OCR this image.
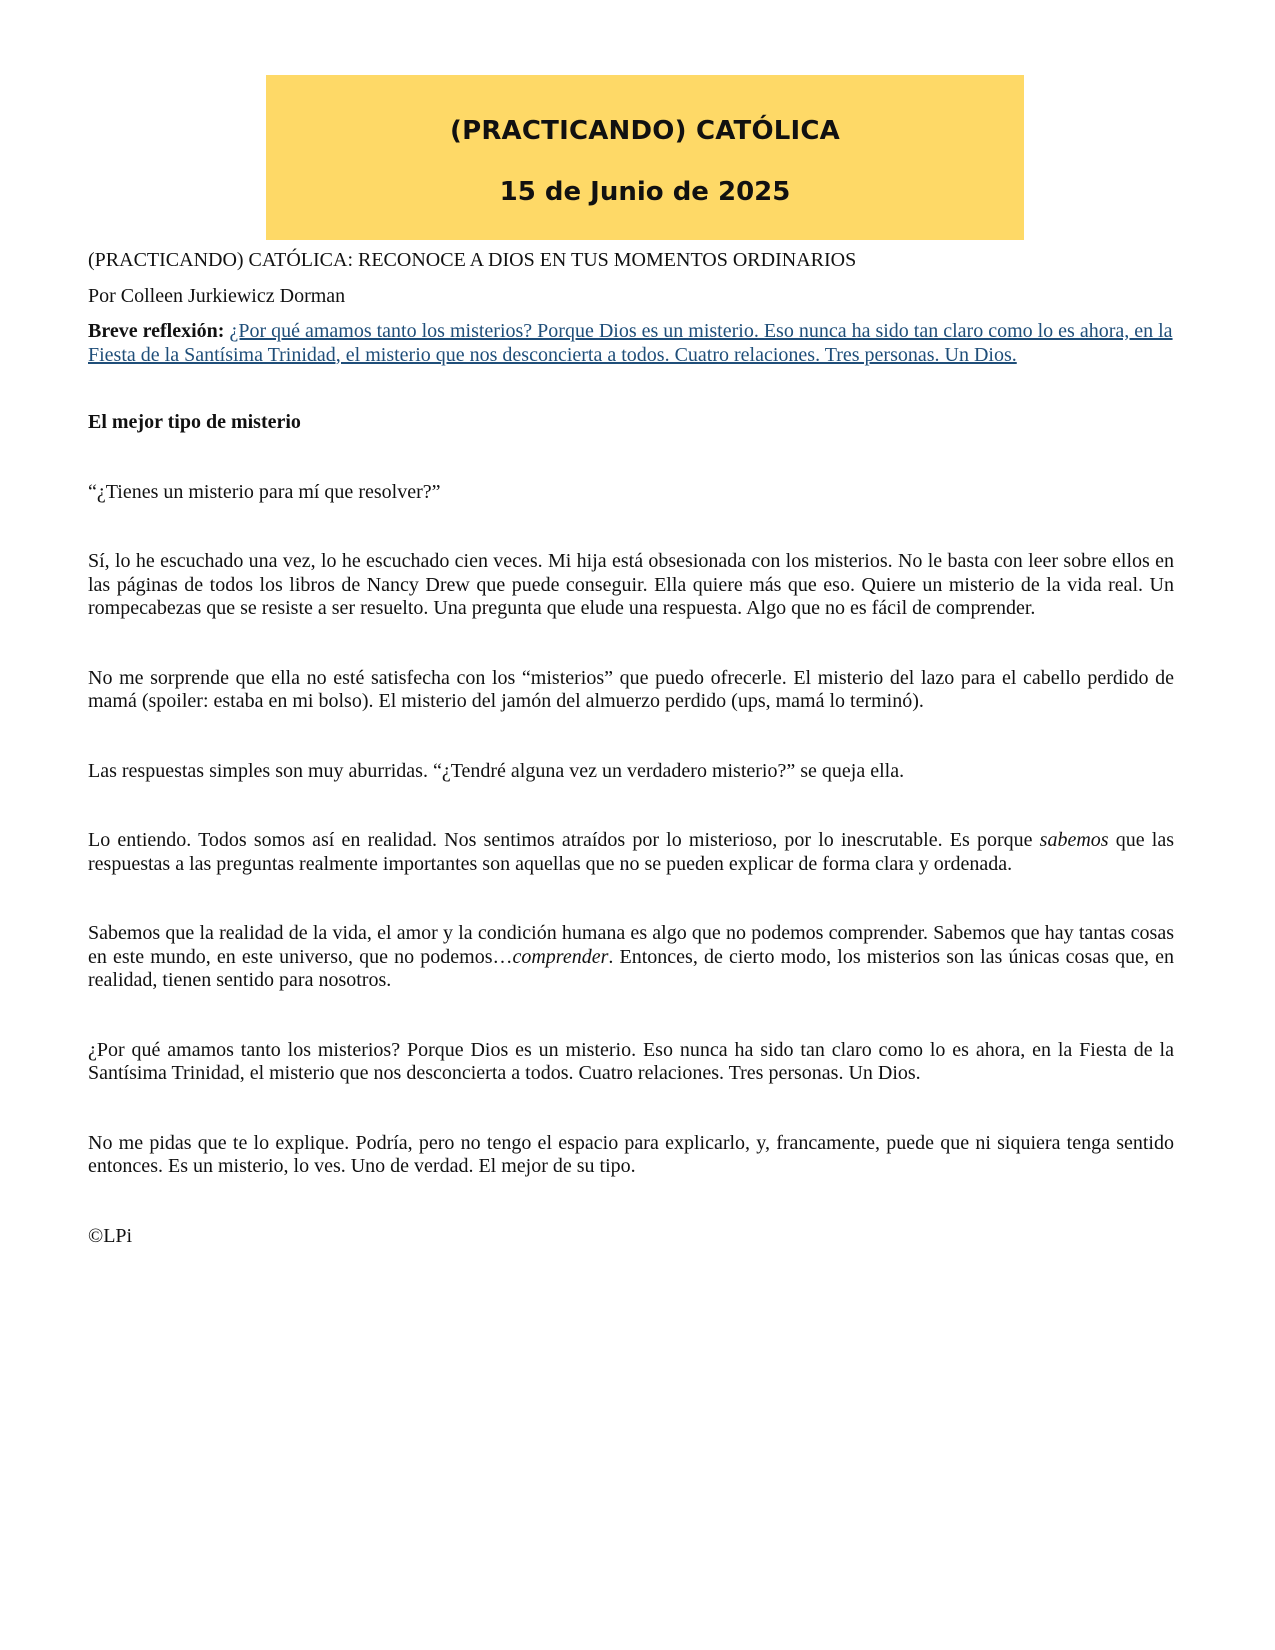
(PRACTICANDO) CATÓLICA
15 de Junio de 2025

(PRACTICANDO) CATÓLICA: RECONOCE A DIOS EN TUS MOMENTOS ORDINARIOS

Por Colleen Jurkiewicz Dorman

Breve reflexión: ¿Por qué amamos tanto los misterios? Porque Dios es un misterio. Eso nunca ha sido tan claro como lo es ahora, en la Fiesta de la Santísima Trinidad, el misterio que nos desconcierta a todos. Cuatro relaciones. Tres personas. Un Dios.

El mejor tipo de misterio

“¿Tienes un misterio para mí que resolver?”

Sí, lo he escuchado una vez, lo he escuchado cien veces. Mi hija está obsesionada con los misterios. No le basta con leer sobre ellos en las páginas de todos los libros de Nancy Drew que puede conseguir. Ella quiere más que eso. Quiere un misterio de la vida real. Un rompecabezas que se resiste a ser resuelto. Una pregunta que elude una respuesta. Algo que no es fácil de comprender.

No me sorprende que ella no esté satisfecha con los “misterios” que puedo ofrecerle. El misterio del lazo para el cabello perdido de mamá (spoiler: estaba en mi bolso). El misterio del jamón del almuerzo perdido (ups, mamá lo terminó).

Las respuestas simples son muy aburridas. “¿Tendré alguna vez un verdadero misterio?” se queja ella.

Lo entiendo. Todos somos así en realidad. Nos sentimos atraídos por lo misterioso, por lo inescrutable. Es porque sabemos que las respuestas a las preguntas realmente importantes son aquellas que no se pueden explicar de forma clara y ordenada.

Sabemos que la realidad de la vida, el amor y la condición humana es algo que no podemos comprender. Sabemos que hay tantas cosas en este mundo, en este universo, que no podemos…comprender. Entonces, de cierto modo, los misterios son las únicas cosas que, en realidad, tienen sentido para nosotros.

¿Por qué amamos tanto los misterios? Porque Dios es un misterio. Eso nunca ha sido tan claro como lo es ahora, en la Fiesta de la Santísima Trinidad, el misterio que nos desconcierta a todos. Cuatro relaciones. Tres personas. Un Dios.

No me pidas que te lo explique. Podría, pero no tengo el espacio para explicarlo, y, francamente, puede que ni siquiera tenga sentido entonces. Es un misterio, lo ves. Uno de verdad. El mejor de su tipo.

©LPi
